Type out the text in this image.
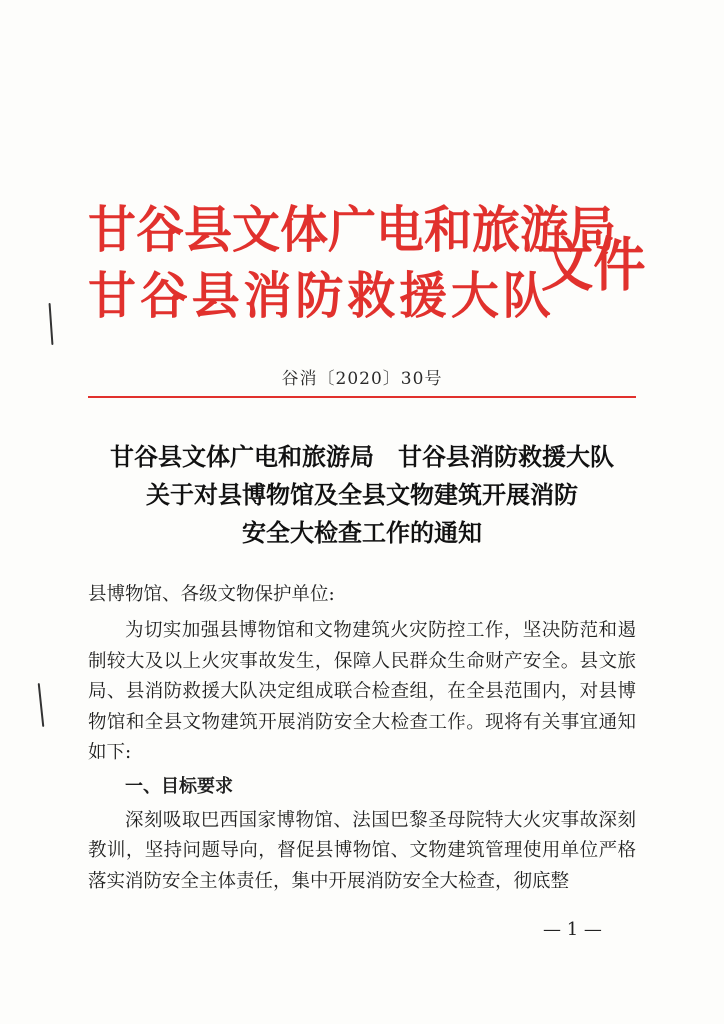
甘谷县文体广电和旅游局
甘谷县消防救援大队
文件
谷消〔2020〕30号
甘谷县文体广电和旅游局　甘谷县消防救援大队
关于对县博物馆及全县文物建筑开展消防
安全大检查工作的通知

县博物馆、各级文物保护单位:

为切实加强县博物馆和文物建筑火灾防控工作，坚决防范和遏制较大及以上火灾事故发生，保障人民群众生命财产安全。县文旅局、县消防救援大队决定组成联合检查组，在全县范围内，对县博物馆和全县文物建筑开展消防安全大检查工作。现将有关事宜通知如下:

一、目标要求

深刻吸取巴西国家博物馆、法国巴黎圣母院特大火灾事故深刻教训，坚持问题导向，督促县博物馆、文物建筑管理使用单位严格落实消防安全主体责任，集中开展消防安全大检查，彻底整

— 1 —
